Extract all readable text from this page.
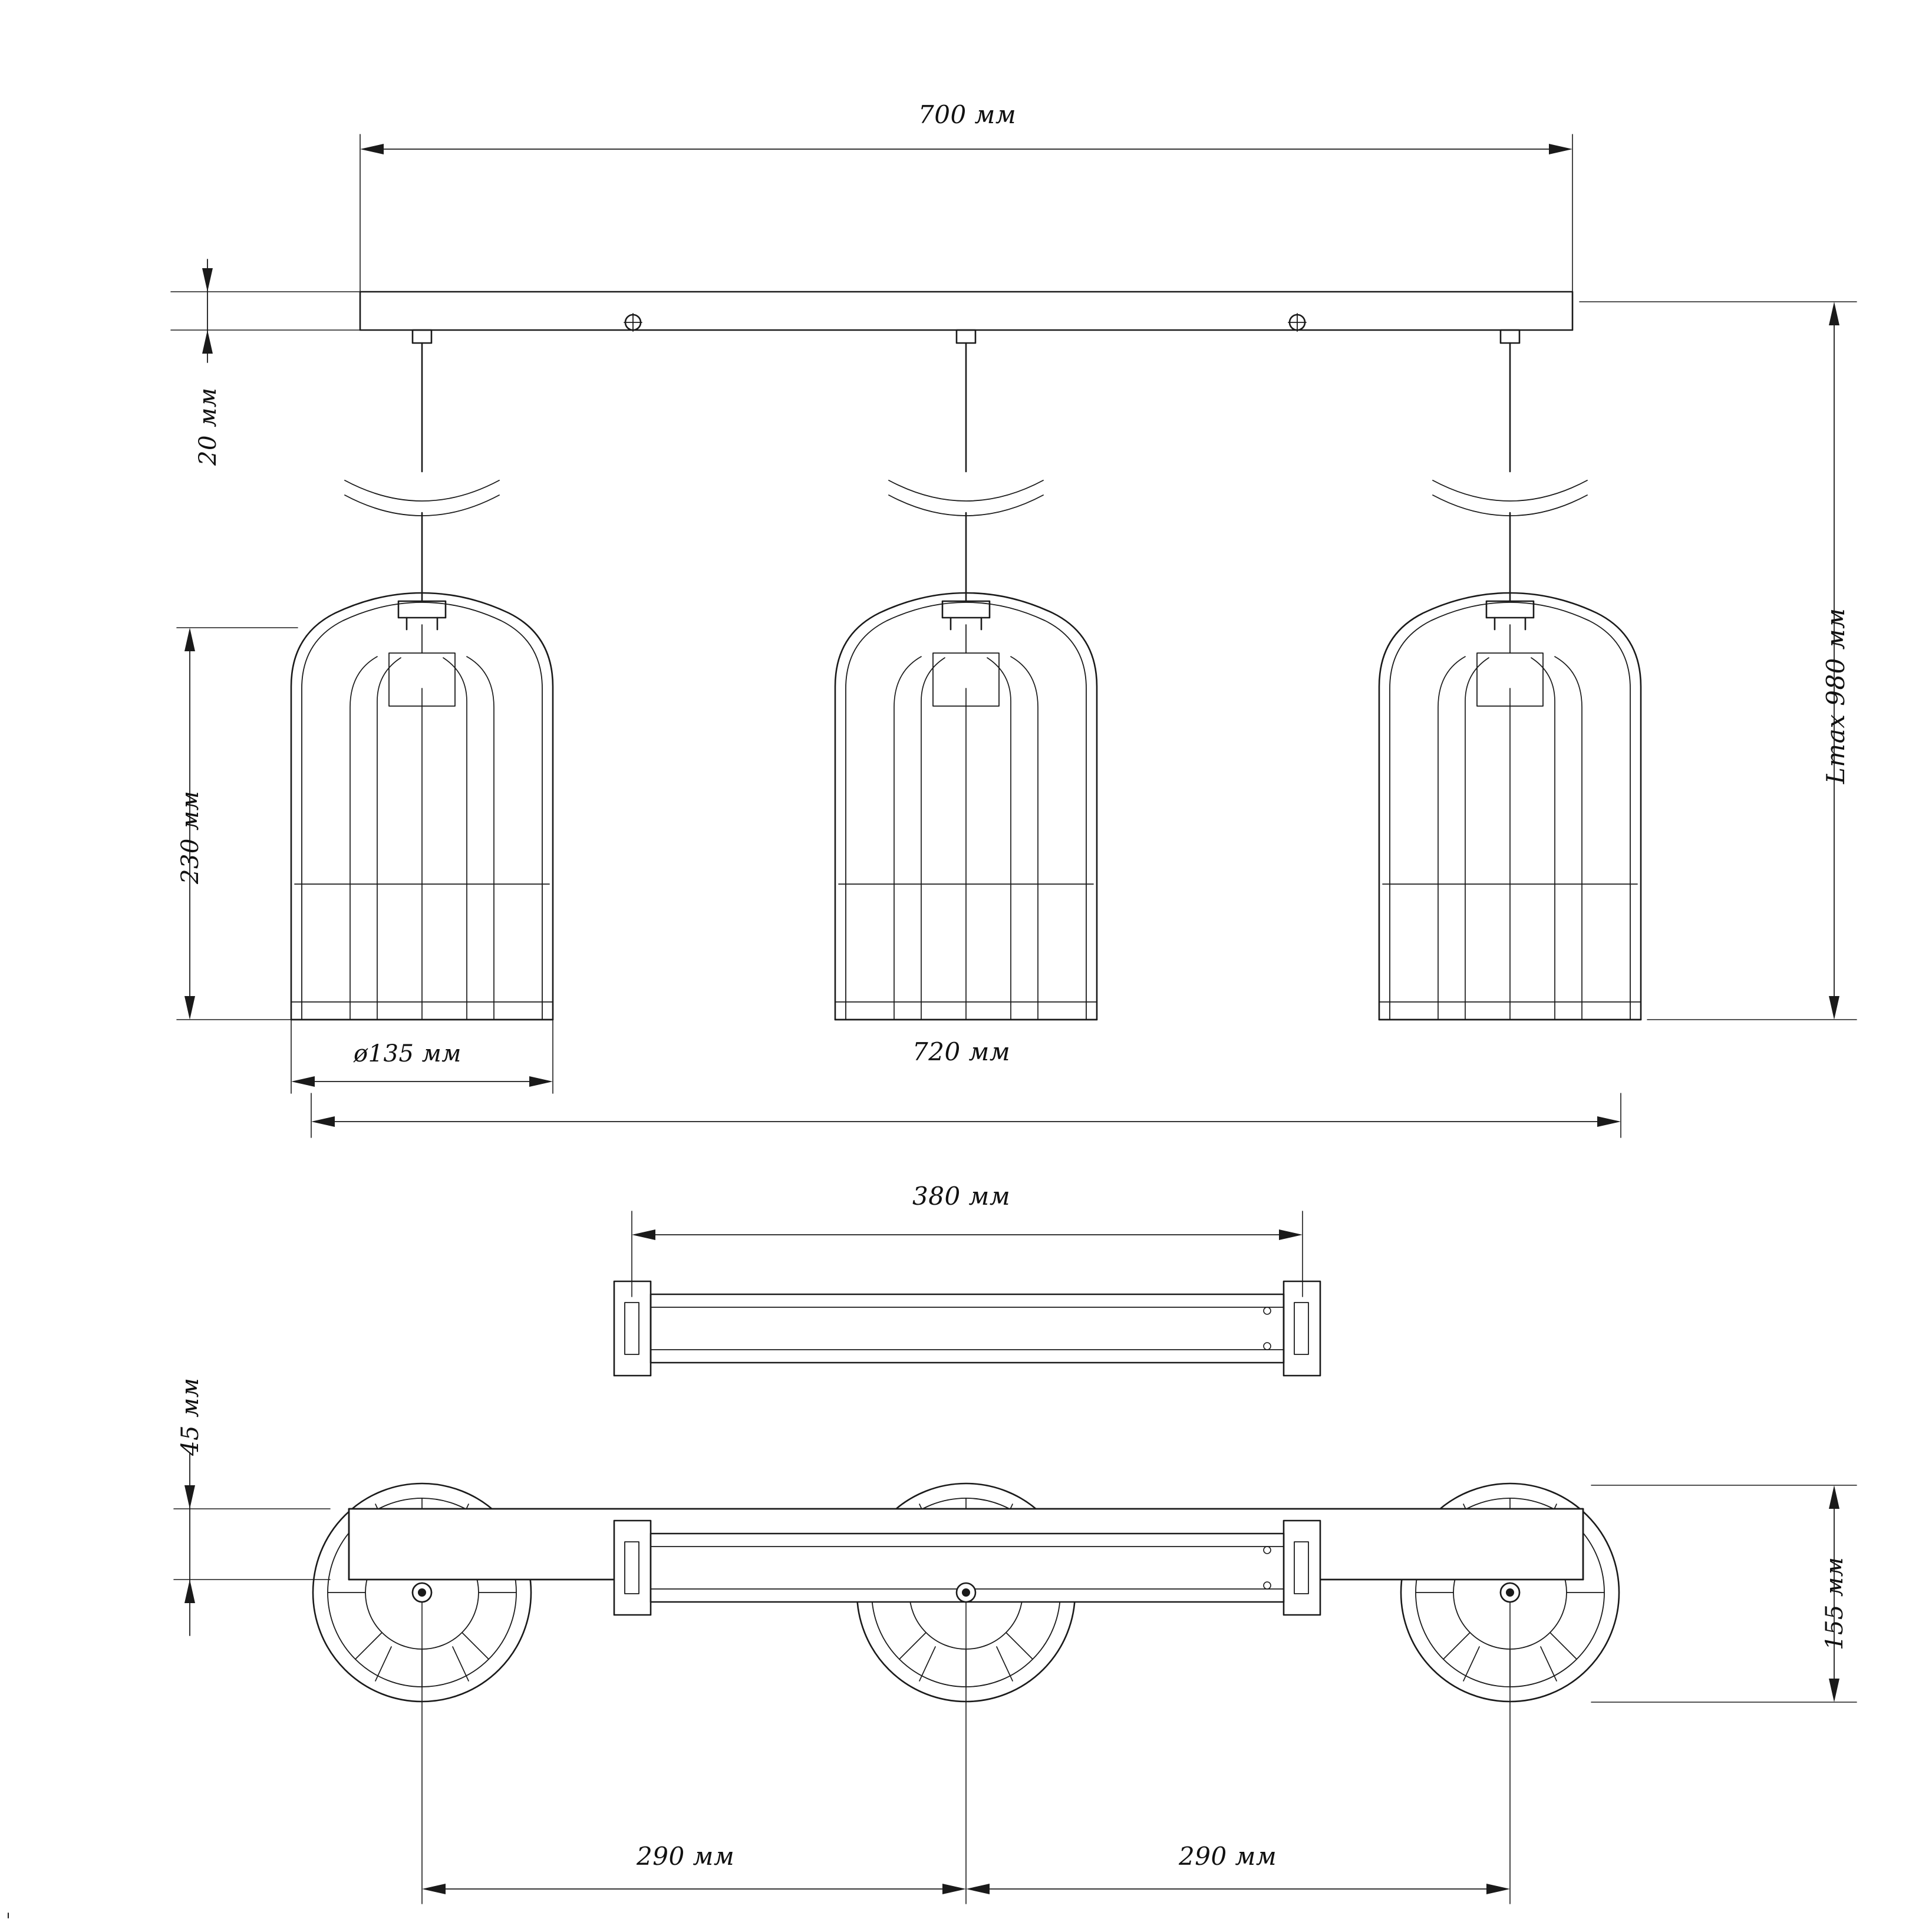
700 мм
20 мм
230 мм
ø135 мм
Lmax 980 мм
720 мм
380 мм
45 мм
155 мм
290 мм	290 мм
